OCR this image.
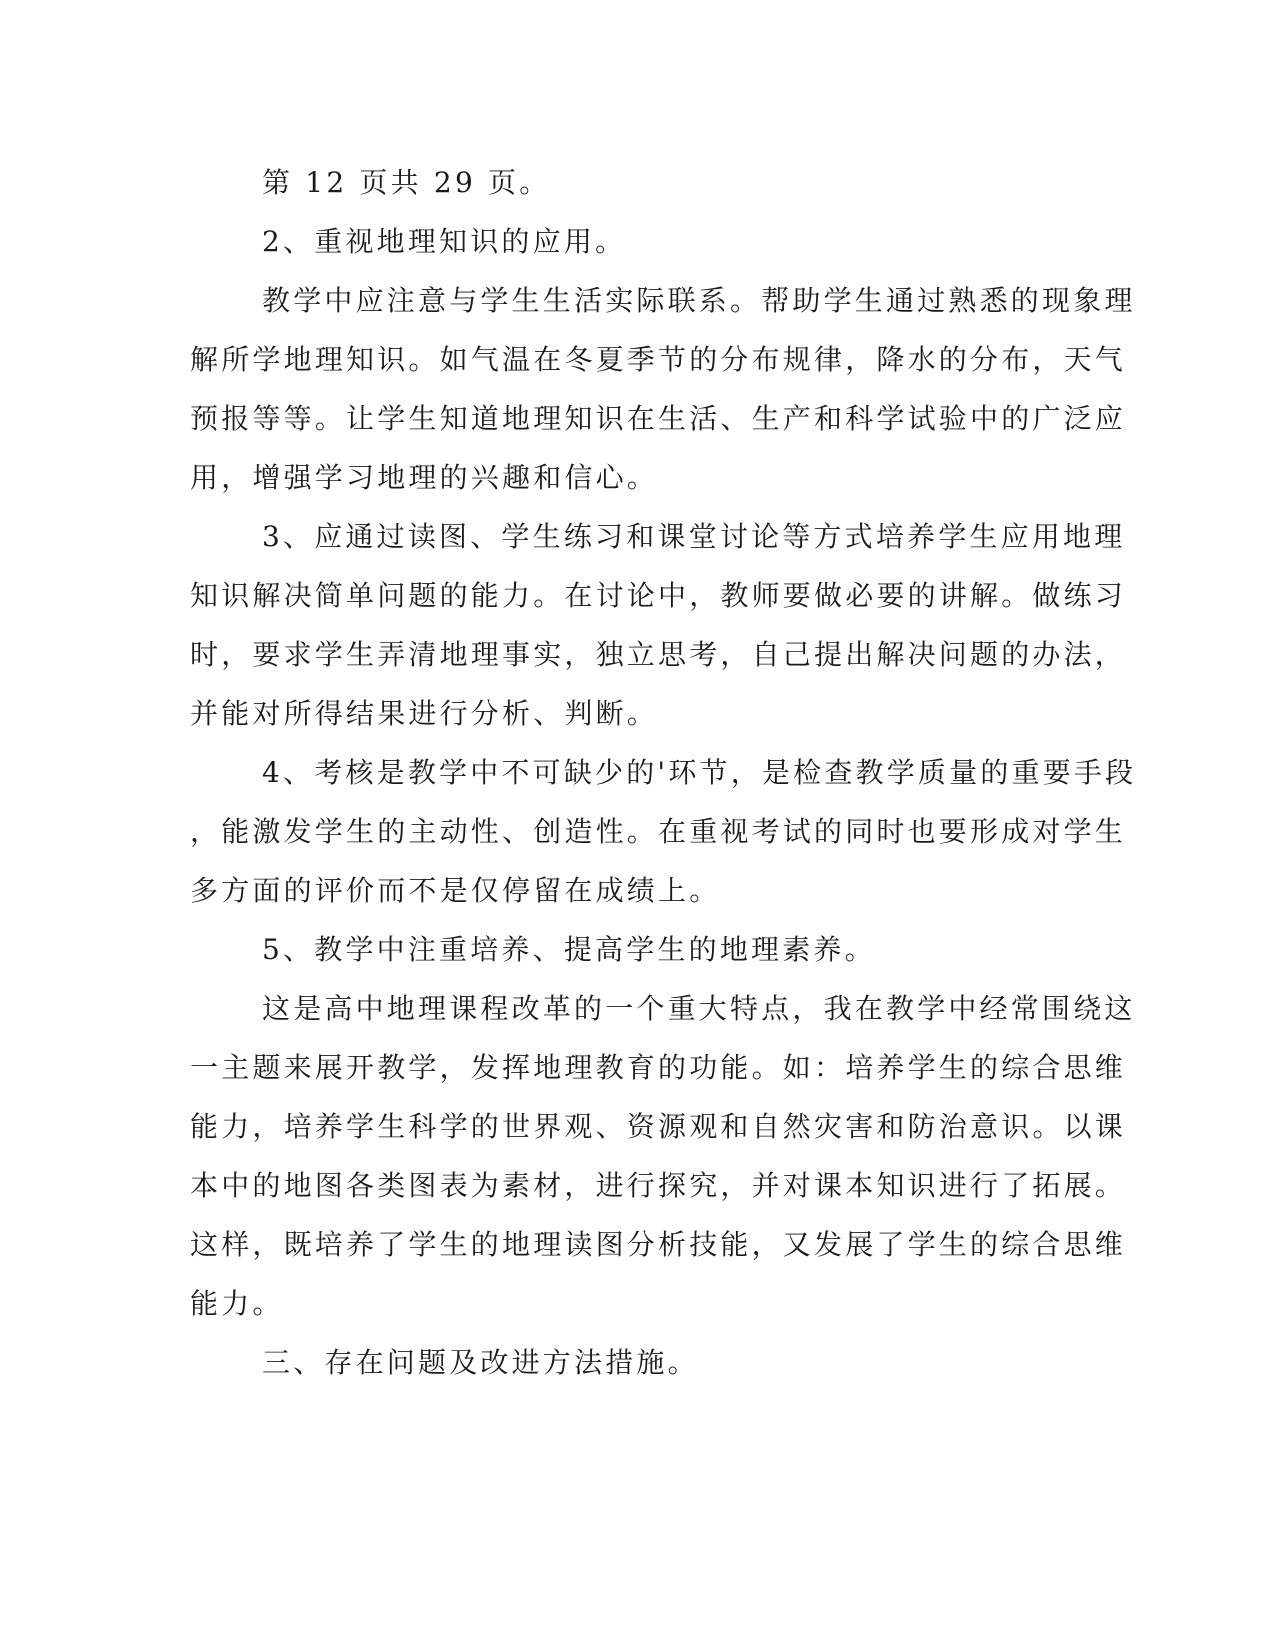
第 12 页共 29 页。
2、重视地理知识的应用。
教学中应注意与学生生活实际联系。帮助学生通过熟悉的现象理
解所学地理知识。如气温在冬夏季节的分布规律，降水的分布，天气
预报等等。让学生知道地理知识在生活、生产和科学试验中的广泛应
用，增强学习地理的兴趣和信心。
3、应通过读图、学生练习和课堂讨论等方式培养学生应用地理
知识解决简单问题的能力。在讨论中，教师要做必要的讲解。做练习
时，要求学生弄清地理事实，独立思考，自己提出解决问题的办法，
并能对所得结果进行分析、判断。
4、考核是教学中不可缺少的'环节，是检查教学质量的重要手段
，能激发学生的主动性、创造性。在重视考试的同时也要形成对学生
多方面的评价而不是仅停留在成绩上。
5、教学中注重培养、提高学生的地理素养。
这是高中地理课程改革的一个重大特点，我在教学中经常围绕这
一主题来展开教学，发挥地理教育的功能。如：培养学生的综合思维
能力，培养学生科学的世界观、资源观和自然灾害和防治意识。以课
本中的地图各类图表为素材，进行探究，并对课本知识进行了拓展。
这样，既培养了学生的地理读图分析技能，又发展了学生的综合思维
能力。
三、存在问题及改进方法措施。
